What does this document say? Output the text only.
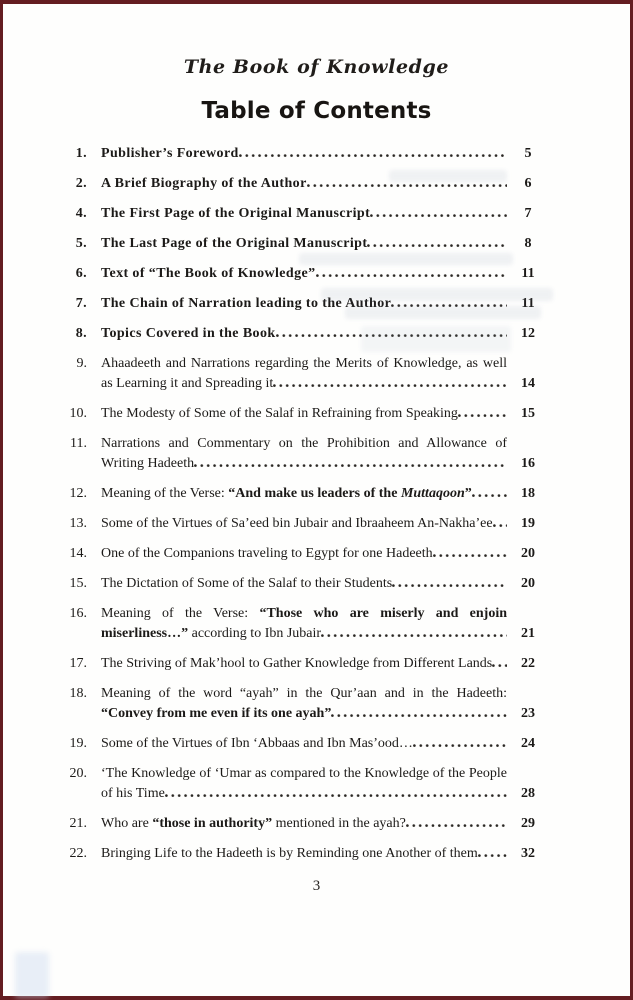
The Book of Knowledge
Table of Contents
1. Publisher’s Foreword	5
2. A Brief Biography of the Author	6
4. The First Page of the Original Manuscript	7
5. The Last Page of the Original Manuscript	8
6. Text of “The Book of Knowledge”	11
7. The Chain of Narration leading to the Author	11
8. Topics Covered in the Book	12
9. Ahaadeeth and Narrations regarding the Merits of Knowledge, as well as Learning it and Spreading it	14
10. The Modesty of Some of the Salaf in Refraining from Speaking	15
11. Narrations and Commentary on the Prohibition and Allowance of Writing Hadeeth	16
12. Meaning of the Verse: “And make us leaders of the Muttaqoon”	18
13. Some of the Virtues of Sa’eed bin Jubair and Ibraaheem An-Nakha’ee	19
14. One of the Companions traveling to Egypt for one Hadeeth	20
15. The Dictation of Some of the Salaf to their Students	20
16. Meaning of the Verse: “Those who are miserly and enjoin miserliness…” according to Ibn Jubair	21
17. The Striving of Mak’hool to Gather Knowledge from Different Lands	22
18. Meaning of the word “ayah” in the Qur’aan and in the Hadeeth: “Convey from me even if its one ayah”	23
19. Some of the Virtues of Ibn ‘Abbaas and Ibn Mas’ood…	24
20. ‘The Knowledge of ‘Umar as compared to the Knowledge of the People of his Time	28
21. Who are “those in authority” mentioned in the ayah?	29
22. Bringing Life to the Hadeeth is by Reminding one Another of them	32
3
